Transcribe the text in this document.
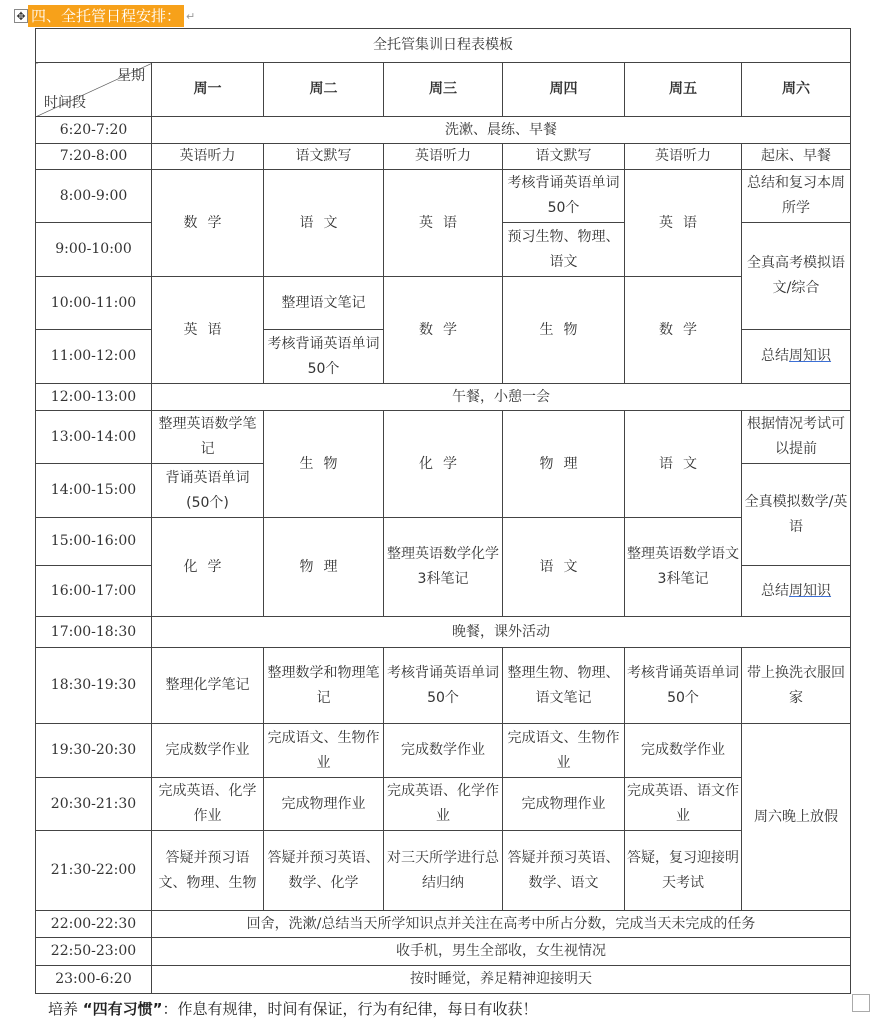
✥ 四、全托管日程安排： ↵
全托管集训日程表模板						

星期
时间段	周一	周二	周三	周四	周五	周六
6:20-7:20	洗漱、晨练、早餐					
7:20-8:00	英语听力	语文默写	英语听力	语文默写	英语听力	起床、早餐
8:00-9:00	数学	语文	英语	考核背诵英语单词50个	英语	总结和复习本周所学
9:00-10:00				预习生物、物理、语文		全真高考模拟语文/综合
10:00-11:00	英语	整理语文笔记	数学	生物	数学	
11:00-12:00		考核背诵英语单词50个				总结周知识
12:00-13:00	午餐，小憩一会					
13:00-14:00	整理英语数学笔记	生物	化学	物理	语文	根据情况考试可以提前
14:00-15:00	背诵英语单词(50个)					全真模拟数学/英语
15:00-16:00	化学	物理	整理英语数学化学3科笔记	语文	整理英语数学语文3科笔记	
16:00-17:00						总结周知识
17:00-18:30	晚餐，课外活动					
18:30-19:30	整理化学笔记	整理数学和物理笔记	考核背诵英语单词50个	整理生物、物理、语文笔记	考核背诵英语单词50个	带上换洗衣服回家
19:30-20:30	完成数学作业	完成语文、生物作业	完成数学作业	完成语文、生物作业	完成数学作业	周六晚上放假
20:30-21:30	完成英语、化学作业	完成物理作业	完成英语、化学作业	完成物理作业	完成英语、语文作业	
21:30-22:00	答疑并预习语文、物理、生物	答疑并预习英语、数学、化学	对三天所学进行总结归纳	答疑并预习英语、数学、语文	答疑，复习迎接明天考试	
22:00-22:30	回舍，洗漱/总结当天所学知识点并关注在高考中所占分数，完成当天未完成的任务					
22:50-23:00	收手机，男生全部收，女生视情况					
23:00-6:20	按时睡觉，养足精神迎接明天					
培养 “四有习惯”：作息有规律，时间有保证，行为有纪律，每日有收获！
